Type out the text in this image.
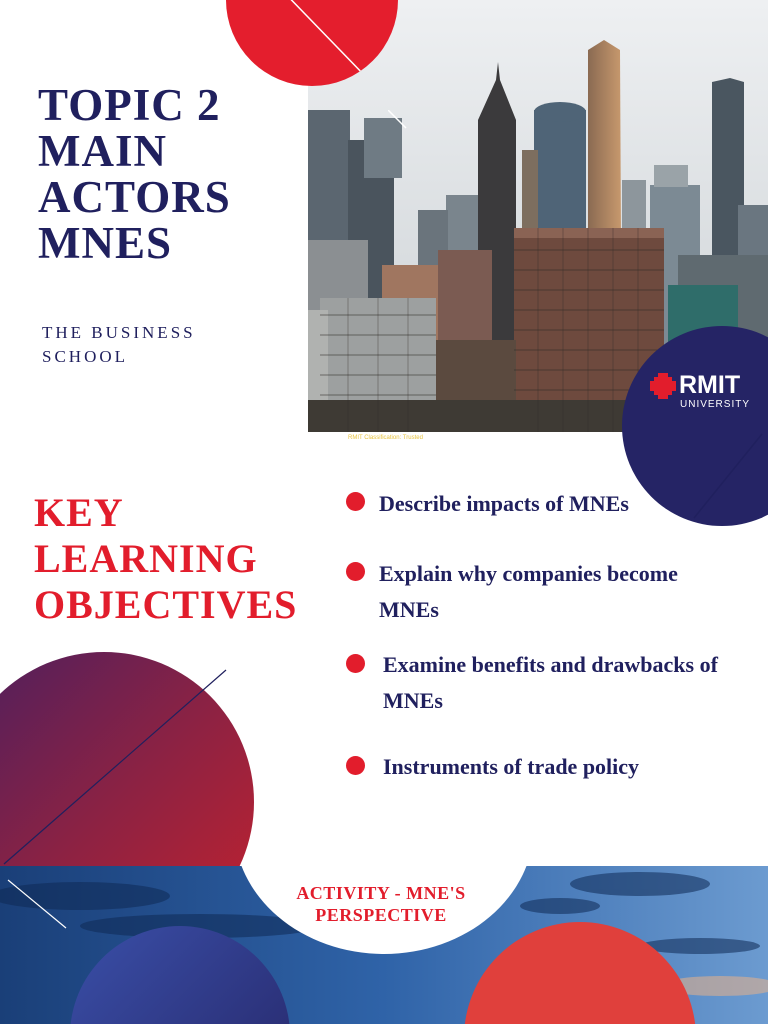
RMIT Classification: Trusted
RMIT
UNIVERSITY
TOPIC 2
MAIN
ACTORS
MNES
THE BUSINESS
SCHOOL
KEY
LEARNING
OBJECTIVES
Describe impacts of MNEs
Explain why companies become
MNEs
Examine benefits and drawbacks of
MNEs
Instruments of trade policy
ACTIVITY - MNE'S
PERSPECTIVE
